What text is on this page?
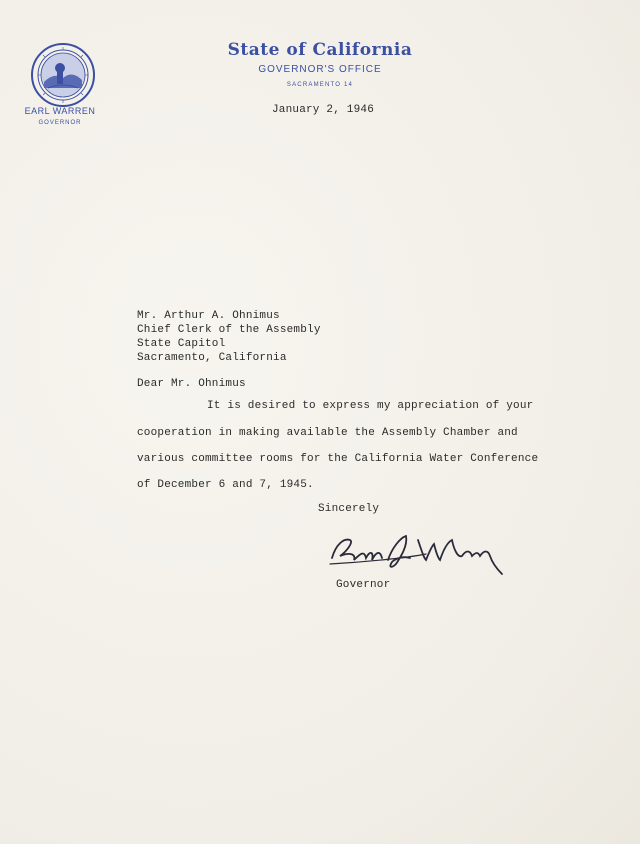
EARL WARREN
GOVERNOR
State of California
GOVERNOR'S OFFICE
SACRAMENTO 14
January 2, 1946
Mr. Arthur A. Ohnimus
Chief Clerk of the Assembly
State Capitol
Sacramento, California
Dear Mr. Ohnimus
It is desired to express my appreciation of your
cooperation in making available the Assembly Chamber and
various committee rooms for the California Water Conference
of December 6 and 7, 1945.
Sincerely
Governor
